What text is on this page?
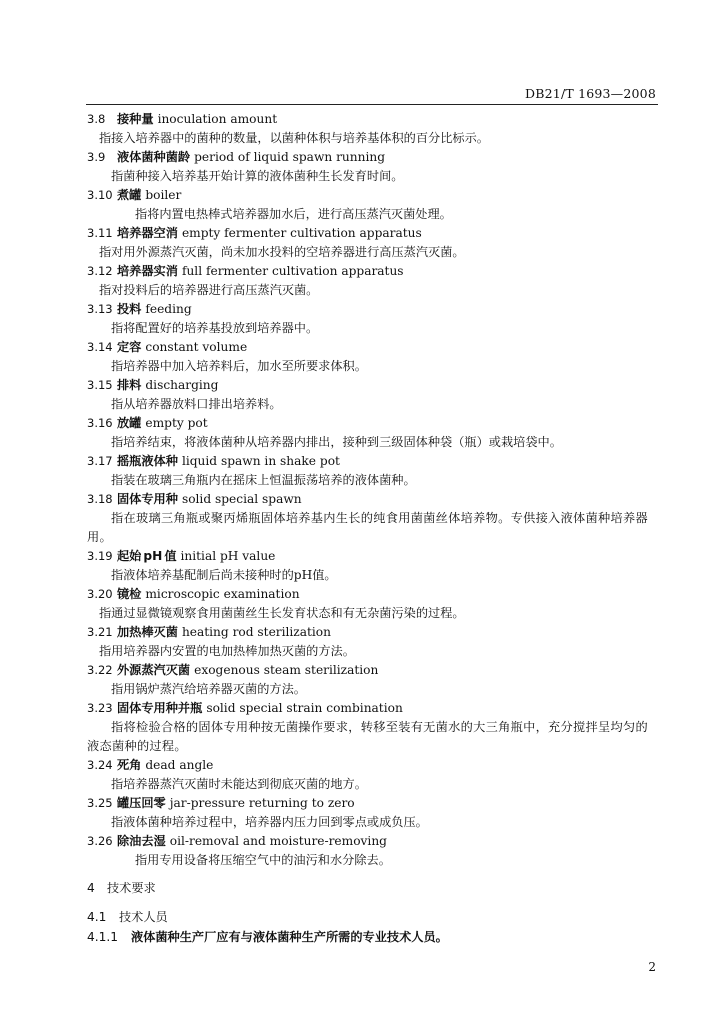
DB21/T 1693—2008
3.8 接种量 inoculation amount
指接入培养器中的菌种的数量，以菌种体积与培养基体积的百分比标示。
3.9 液体菌种菌龄 period of liquid spawn running
指菌种接入培养基开始计算的液体菌种生长发育时间。
3.10 煮罐 boiler
指将内置电热棒式培养器加水后，进行高压蒸汽灭菌处理。
3.11 培养器空消 empty fermenter cultivation apparatus
指对用外源蒸汽灭菌，尚未加水投料的空培养器进行高压蒸汽灭菌。
3.12 培养器实消 full fermenter cultivation apparatus
指对投料后的培养器进行高压蒸汽灭菌。
3.13 投料 feeding
指将配置好的培养基投放到培养器中。
3.14 定容 constant volume
指培养器中加入培养料后，加水至所要求体积。
3.15 排料 discharging
指从培养器放料口排出培养料。
3.16 放罐 empty pot
指培养结束，将液体菌种从培养器内排出，接种到三级固体种袋（瓶）或栽培袋中。
3.17 摇瓶液体种 liquid spawn in shake pot
指装在玻璃三角瓶内在摇床上恒温振荡培养的液体菌种。
3.18 固体专用种 solid special spawn
指在玻璃三角瓶或聚丙烯瓶固体培养基内生长的纯食用菌菌丝体培养物。专供接入液体菌种培养器用。
3.19 起始 pH 值 initial pH value
指液体培养基配制后尚未接种时的pH值。
3.20 镜检 microscopic examination
指通过显微镜观察食用菌菌丝生长发育状态和有无杂菌污染的过程。
3.21 加热棒灭菌 heating rod sterilization
指用培养器内安置的电加热棒加热灭菌的方法。
3.22 外源蒸汽灭菌 exogenous steam sterilization
指用锅炉蒸汽给培养器灭菌的方法。
3.23 固体专用种并瓶 solid special strain combination
指将检验合格的固体专用种按无菌操作要求，转移至装有无菌水的大三角瓶中，充分搅拌呈均匀的液态菌种的过程。
3.24 死角 dead angle
指培养器蒸汽灭菌时未能达到彻底灭菌的地方。
3.25 罐压回零 jar-pressure returning to zero
指液体菌种培养过程中，培养器内压力回到零点或成负压。
3.26 除油去湿 oil-removal and moisture-removing
指用专用设备将压缩空气中的油污和水分除去。
4 技术要求
4.1 技术人员
4.1.1 液体菌种生产厂应有与液体菌种生产所需的专业技术人员。
2
